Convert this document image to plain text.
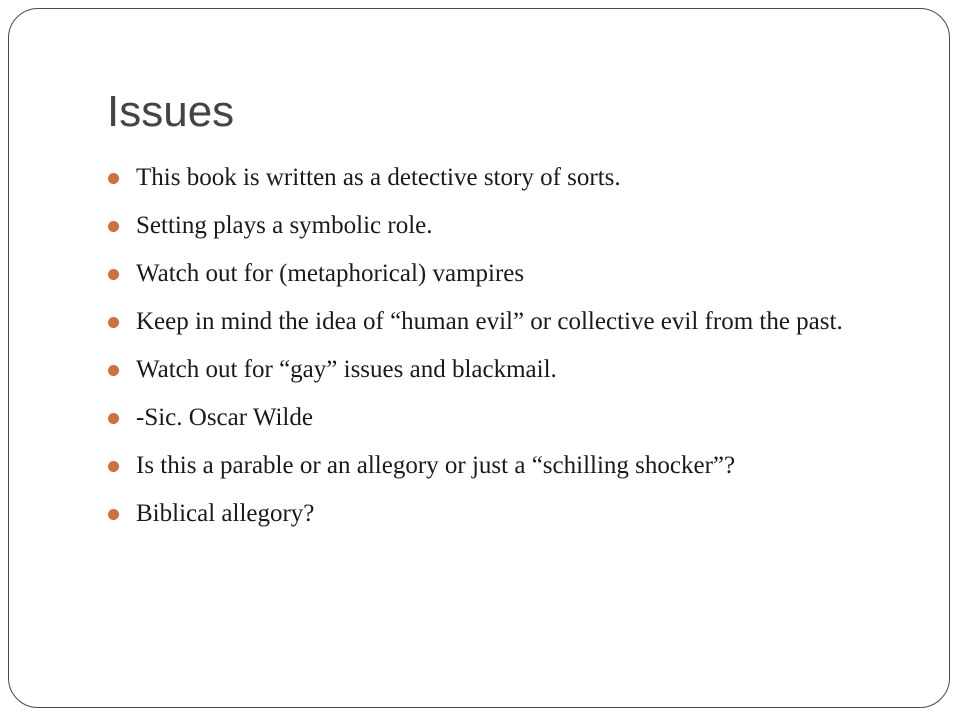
Issues
This book is written as a detective story of sorts.
Setting plays a symbolic role.
Watch out for (metaphorical) vampires
Keep in mind the idea of “human evil” or collective evil from the past.
Watch out for “gay” issues and blackmail.
-Sic. Oscar Wilde
Is this a parable or an allegory or just a “schilling shocker”?
Biblical allegory?
